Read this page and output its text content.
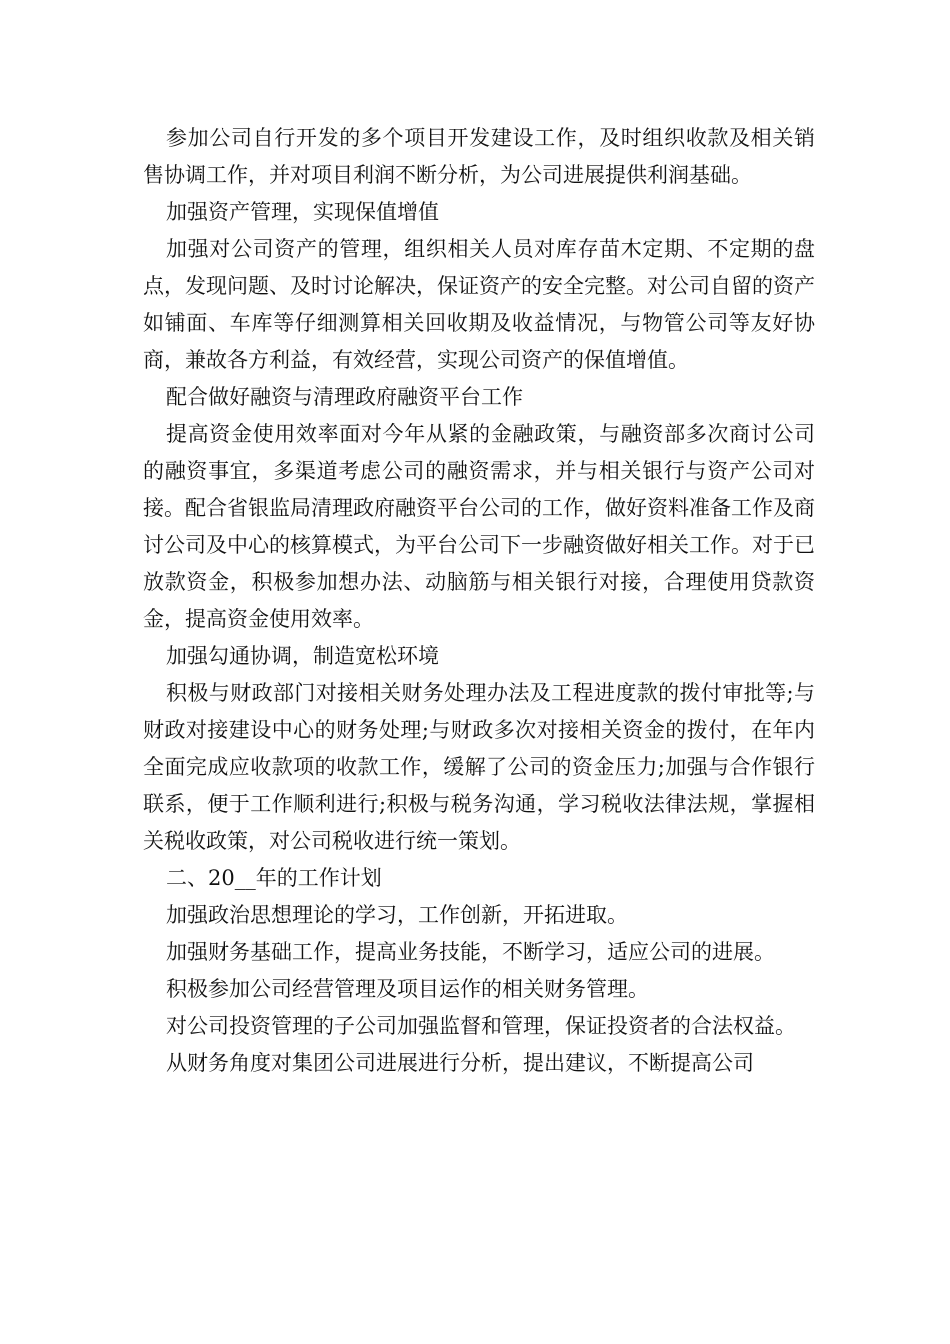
参加公司自行开发的多个项目开发建设工作，及时组织收款及相关销售协调工作，并对项目利润不断分析，为公司进展提供利润基础。

加强资产管理，实现保值增值

加强对公司资产的管理，组织相关人员对库存苗木定期、不定期的盘点，发现问题、及时讨论解决，保证资产的安全完整。对公司自留的资产如铺面、车库等仔细测算相关回收期及收益情况，与物管公司等友好协商，兼故各方利益，有效经营，实现公司资产的保值增值。

配合做好融资与清理政府融资平台工作

提高资金使用效率面对今年从紧的金融政策，与融资部多次商讨公司的融资事宜，多渠道考虑公司的融资需求，并与相关银行与资产公司对接。配合省银监局清理政府融资平台公司的工作，做好资料准备工作及商讨公司及中心的核算模式，为平台公司下一步融资做好相关工作。对于已放款资金，积极参加想办法、动脑筋与相关银行对接，合理使用贷款资金，提高资金使用效率。

加强勾通协调，制造宽松环境

积极与财政部门对接相关财务处理办法及工程进度款的拨付审批等;与财政对接建设中心的财务处理;与财政多次对接相关资金的拨付，在年内全面完成应收款项的收款工作，缓解了公司的资金压力;加强与合作银行联系，便于工作顺利进行;积极与税务沟通，学习税收法律法规，掌握相关税收政策，对公司税收进行统一策划。

二、20__年的工作计划

加强政治思想理论的学习，工作创新，开拓进取。

加强财务基础工作，提高业务技能，不断学习，适应公司的进展。

积极参加公司经营管理及项目运作的相关财务管理。

对公司投资管理的子公司加强监督和管理，保证投资者的合法权益。

从财务角度对集团公司进展进行分析，提出建议，不断提高公司
